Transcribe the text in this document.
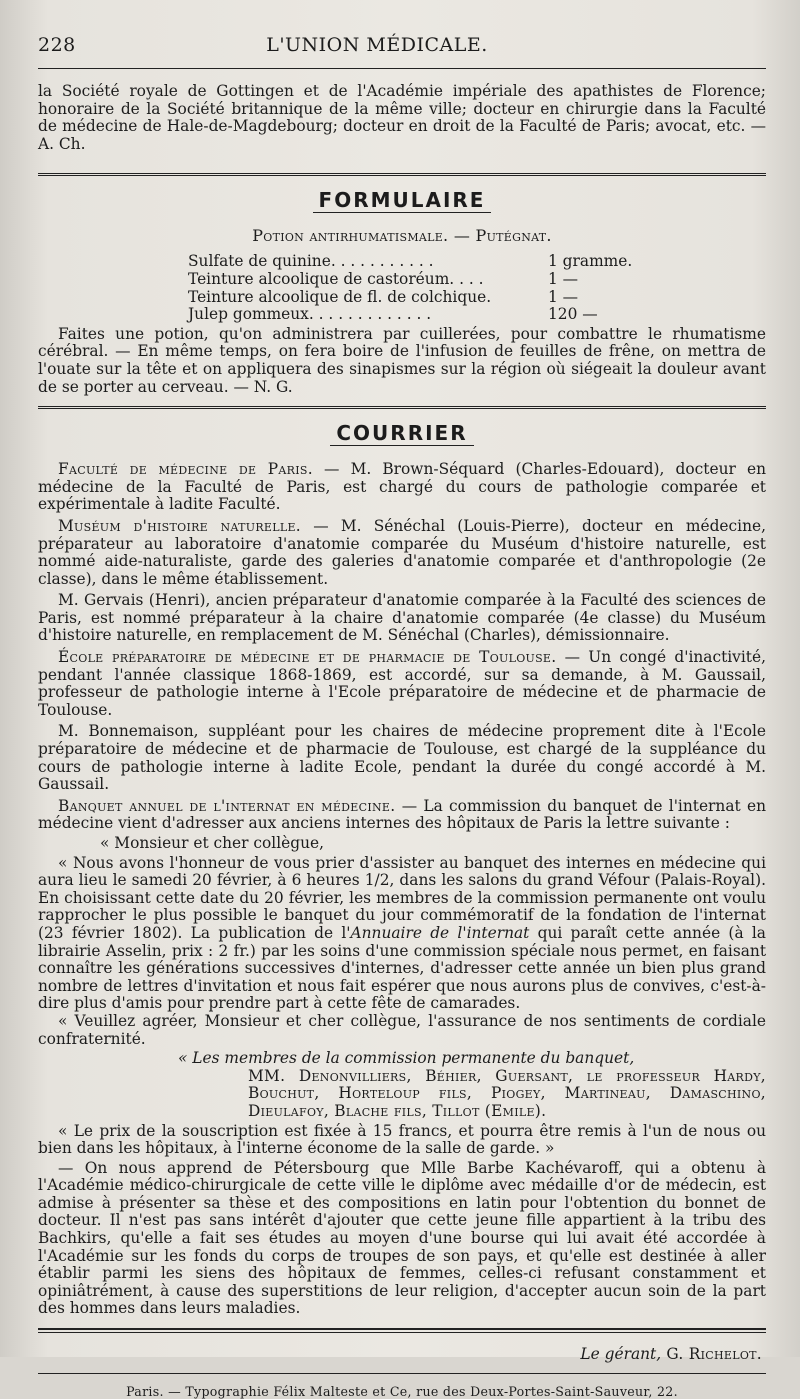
228	L'UNION MÉDICALE.

la Société royale de Gottingen et de l'Académie impériale des apathistes de Florence; honoraire de la Société britannique de la même ville; docteur en chirurgie dans la Faculté de médecine de Hale-de-Magdebourg; docteur en droit de la Faculté de Paris; avocat, etc. — A. Ch.

FORMULAIRE
Potion antirhumatismale. — Putégnat.
Sulfate de quinine. . . . . . . . . . .	1 gramme.
Teinture alcoolique de castoréum. . . .	1 —
Teinture alcoolique de fl. de colchique.	1 —
Julep gommeux. . . . . . . . . . . . .	120 —

Faites une potion, qu'on administrera par cuillerées, pour combattre le rhumatisme cérébral. — En même temps, on fera boire de l'infusion de feuilles de frêne, on mettra de l'ouate sur la tête et on appliquera des sinapismes sur la région où siégeait la douleur avant de se porter au cerveau. — N. G.

COURRIER

Faculté de médecine de Paris. — M. Brown-Séquard (Charles-Edouard), docteur en médecine de la Faculté de Paris, est chargé du cours de pathologie comparée et expérimentale à ladite Faculté.

Muséum d'histoire naturelle. — M. Sénéchal (Louis-Pierre), docteur en médecine, préparateur au laboratoire d'anatomie comparée du Muséum d'histoire naturelle, est nommé aide-naturaliste, garde des galeries d'anatomie comparée et d'anthropologie (2e classe), dans le même établissement.

M. Gervais (Henri), ancien préparateur d'anatomie comparée à la Faculté des sciences de Paris, est nommé préparateur à la chaire d'anatomie comparée (4e classe) du Muséum d'histoire naturelle, en remplacement de M. Sénéchal (Charles), démissionnaire.

École préparatoire de médecine et de pharmacie de Toulouse. — Un congé d'inactivité, pendant l'année classique 1868-1869, est accordé, sur sa demande, à M. Gaussail, professeur de pathologie interne à l'Ecole préparatoire de médecine et de pharmacie de Toulouse.

M. Bonnemaison, suppléant pour les chaires de médecine proprement dite à l'Ecole préparatoire de médecine et de pharmacie de Toulouse, est chargé de la suppléance du cours de pathologie interne à ladite Ecole, pendant la durée du congé accordé à M. Gaussail.

Banquet annuel de l'internat en médecine. — La commission du banquet de l'internat en médecine vient d'adresser aux anciens internes des hôpitaux de Paris la lettre suivante :

« Monsieur et cher collègue,

« Nous avons l'honneur de vous prier d'assister au banquet des internes en médecine qui aura lieu le samedi 20 février, à 6 heures 1/2, dans les salons du grand Véfour (Palais-Royal). En choisissant cette date du 20 février, les membres de la commission permanente ont voulu rapprocher le plus possible le banquet du jour commémoratif de la fondation de l'internat (23 février 1802). La publication de l'Annuaire de l'internat qui paraît cette année (à la librairie Asselin, prix : 2 fr.) par les soins d'une commission spéciale nous permet, en faisant connaître les générations successives d'internes, d'adresser cette année un bien plus grand nombre de lettres d'invitation et nous fait espérer que nous aurons plus de convives, c'est-à-dire plus d'amis pour prendre part à cette fête de camarades.

« Veuillez agréer, Monsieur et cher collègue, l'assurance de nos sentiments de cordiale confraternité.

« Les membres de la commission permanente du banquet,

MM. Denonvilliers, Béhier, Guersant, le professeur Hardy, Bouchut, Horteloup fils, Piogey, Martineau, Damaschino, Dieulafoy, Blache fils, Tillot (Emile).

« Le prix de la souscription est fixée à 15 francs, et pourra être remis à l'un de nous ou bien dans les hôpitaux, à l'interne économe de la salle de garde. »

— On nous apprend de Pétersbourg que Mlle Barbe Kachévaroff, qui a obtenu à l'Académie médico-chirurgicale de cette ville le diplôme avec médaille d'or de médecin, est admise à présenter sa thèse et des compositions en latin pour l'obtention du bonnet de docteur. Il n'est pas sans intérêt d'ajouter que cette jeune fille appartient à la tribu des Bachkirs, qu'elle a fait ses études au moyen d'une bourse qui lui avait été accordée à l'Académie sur les fonds du corps de troupes de son pays, et qu'elle est destinée à aller établir parmi les siens des hôpitaux de femmes, celles-ci refusant constamment et opiniâtrément, à cause des superstitions de leur religion, d'accepter aucun soin de la part des hommes dans leurs maladies.

Le gérant, G. Richelot.
Paris. — Typographie Félix Malteste et Ce, rue des Deux-Portes-Saint-Sauveur, 22.
